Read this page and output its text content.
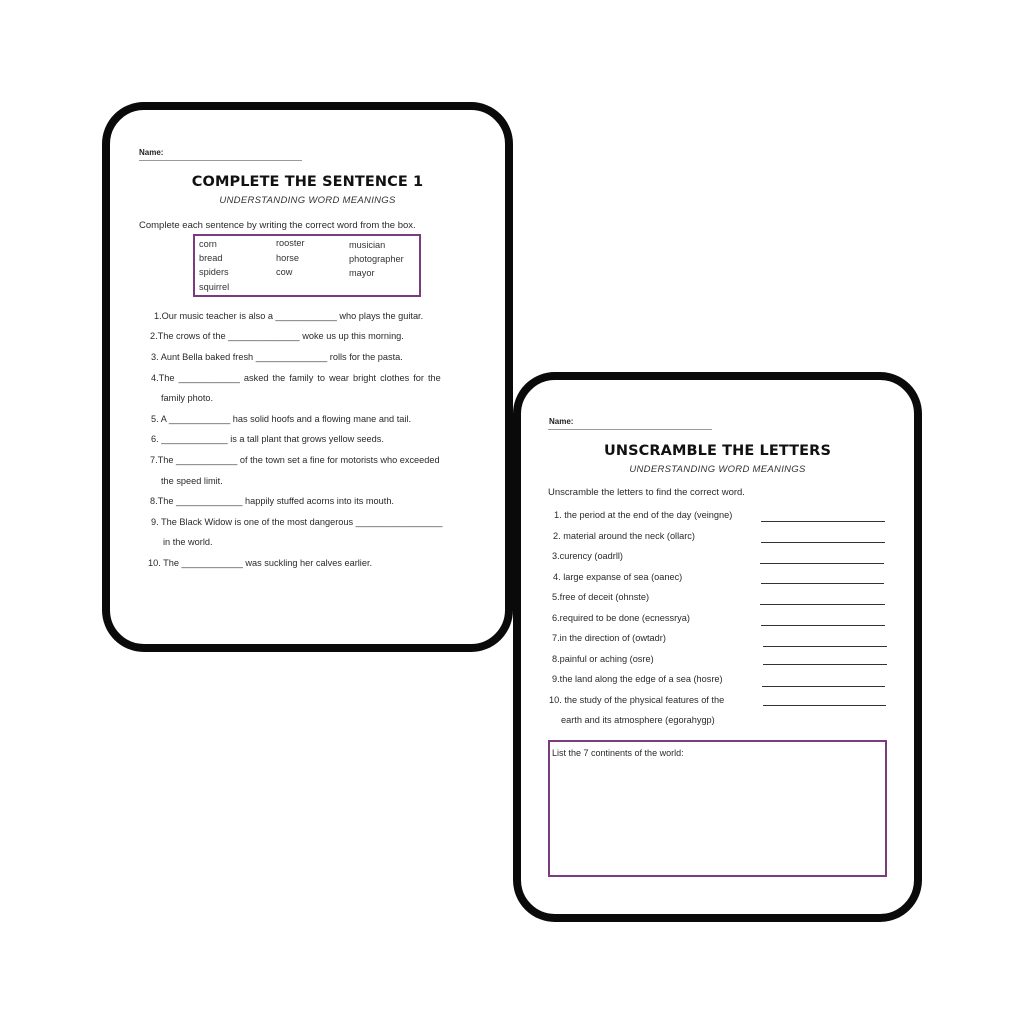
Name:
COMPLETE THE SENTENCE 1
UNDERSTANDING WORD MEANINGS
Complete each sentence by writing the correct word from the box.
corn
bread
spiders
squirrel
rooster
horse
cow
musician
photographer
mayor
1.Our music teacher is also a ____________ who plays the guitar.
2.The crows of the ______________ woke us up this morning.
3. Aunt Bella baked fresh ______________ rolls for the pasta.
4.The ____________ asked the family to wear bright clothes for the
family photo.
5. A ____________ has solid hoofs and a flowing mane and tail.
6. _____________ is a tall plant that grows yellow seeds.
7.The ____________ of the town set a fine for motorists who exceeded
the speed limit.
8.The _____________ happily stuffed acorns into its mouth.
9. The Black Widow is one of the most dangerous _________________
in the world.
10. The ____________ was suckling her calves earlier.
Name:
UNSCRAMBLE THE LETTERS
UNDERSTANDING WORD MEANINGS
Unscramble the letters to find the correct word.
1. the period at the end of the day (veingne)
2. material around the neck (ollarc)
3.curency (oadrll)
4. large expanse of sea (oanec)
5.free of deceit (ohnste)
6.required to be done (ecnessrya)
7.in the direction of (owtadr)
8.painful or aching (osre)
9.the land along the edge of a sea (hosre)
10. the study of the physical features of the
earth and its atmosphere (egorahygp)
List the 7 continents of the world:
